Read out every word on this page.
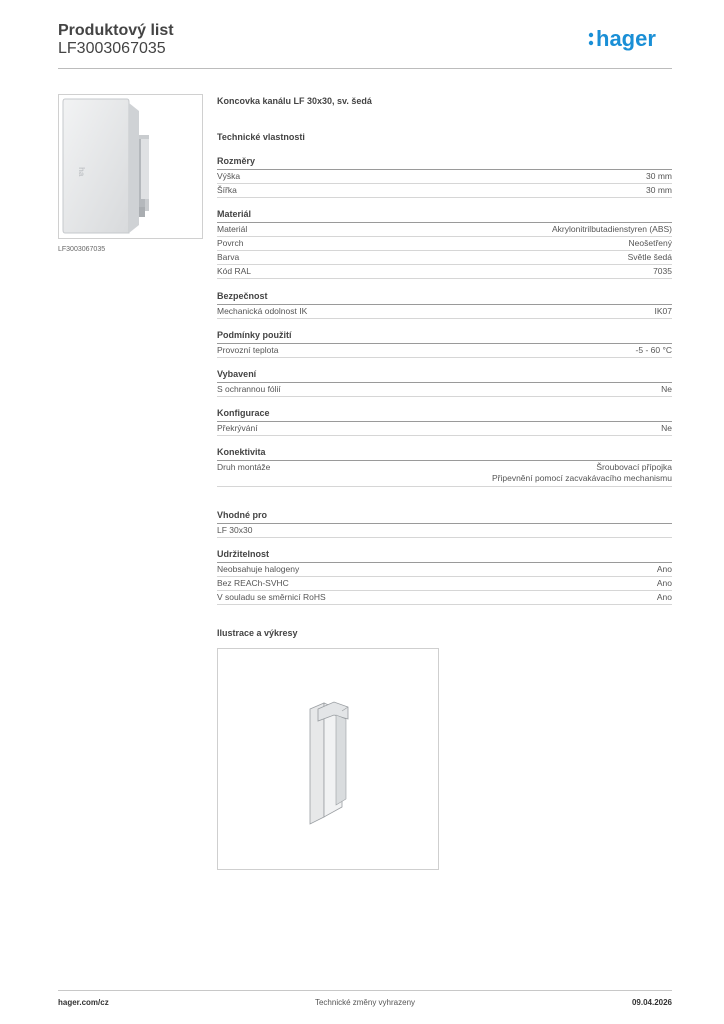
Produktový list
LF3003067035	hager
ha
LF3003067035
Koncovka kanálu LF 30x30, sv. šedá
Technické vlastnosti
Rozměry
Výška	30 mm
Šířka	30 mm
Materiál
Materiál	Akrylonitrilbutadienstyren (ABS)
Povrch	Neošetřený
Barva	Světle šedá
Kód RAL	7035
Bezpečnost
Mechanická odolnost IK	IK07
Podmínky použití
Provozní teplota	-5 - 60 °C
Vybavení
S ochrannou fólií	Ne
Konfigurace
Překrývání	Ne
Konektivita
Druh montáže	Šroubovací přípojka
Připevnění pomocí zacvakávacího mechanismu
Vhodné pro
LF 30x30
Udržitelnost
Neobsahuje halogeny	Ano
Bez REACh-SVHC	Ano
V souladu se směrnicí RoHS	Ano
Ilustrace a výkresy
hager.com/cz	Technické změny vyhrazeny	09.04.2026
